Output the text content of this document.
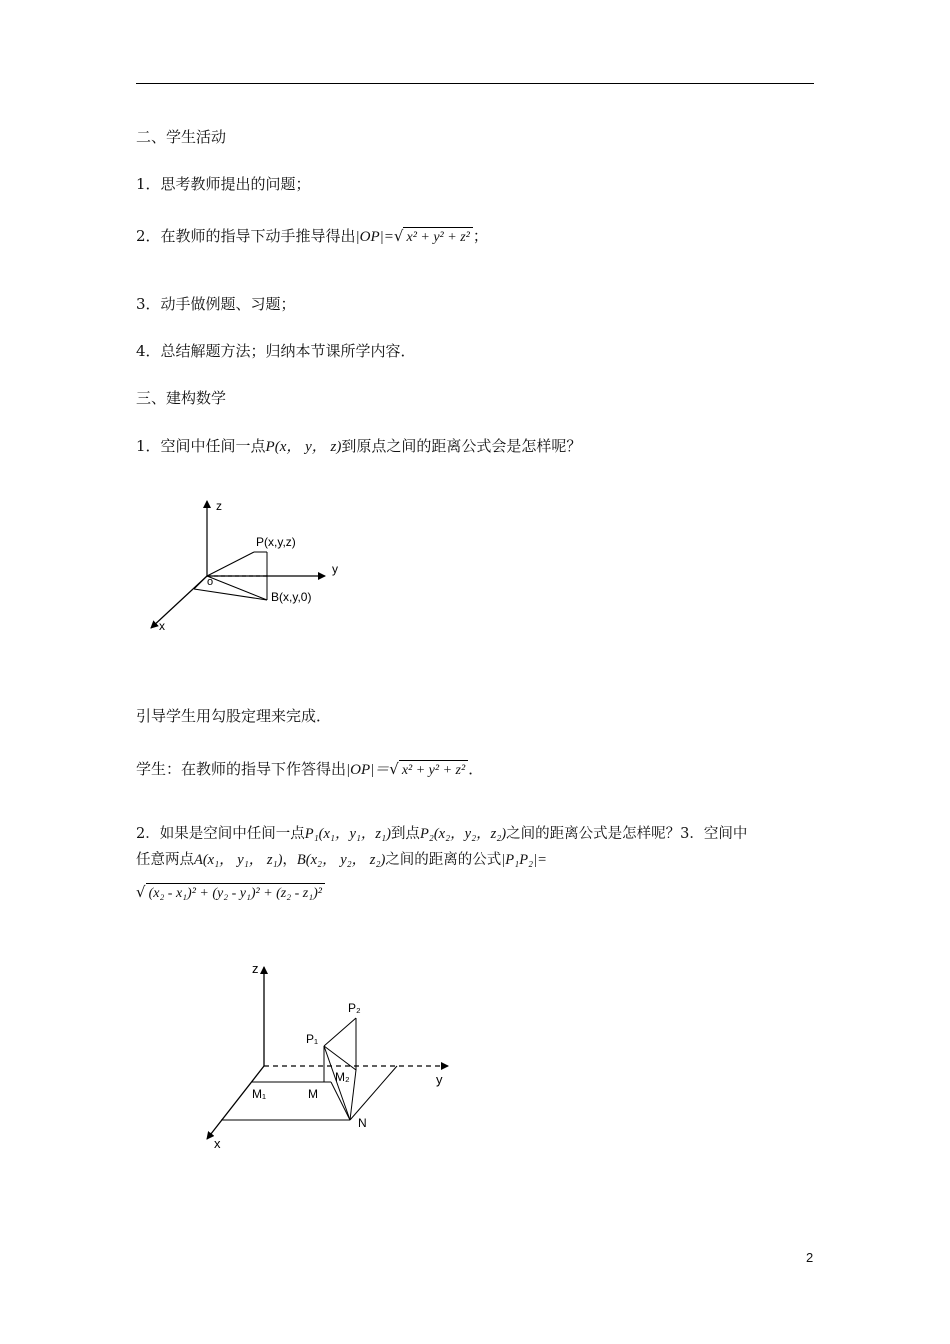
二、学生活动
1．思考教师提出的问题；
2．在教师的指导下动手推导得出|OP|=√ x² + y² + z² ；
3．动手做例题、习题；
4．总结解题方法；归纳本节课所学内容．
三、建构数学
1．空间中任间一点P(x， y， z)到原点之间的距离公式会是怎样呢？
z
y
x
o
P(x,y,z)
B(x,y,0)
引导学生用勾股定理来完成．
学生：在教师的指导下作答得出|OP|＝√ x² + y² + z² ．
2．如果是空间中任间一点P₁(x₁，y₁，z₁)到点P₂(x₂，y₂，z₂)之间的距离公式是怎样呢？3．空间中
任意两点A(x₁， y₁， z₁)，B(x₂， y₂， z₂)之间的距离的公式|P₁P₂|=
√ (x₂ - x₁)² + (y₂ - y₁)² + (z₂ - z₁)²
z
y
x
P₁
P₂
M₁	M
M₂
N
2
